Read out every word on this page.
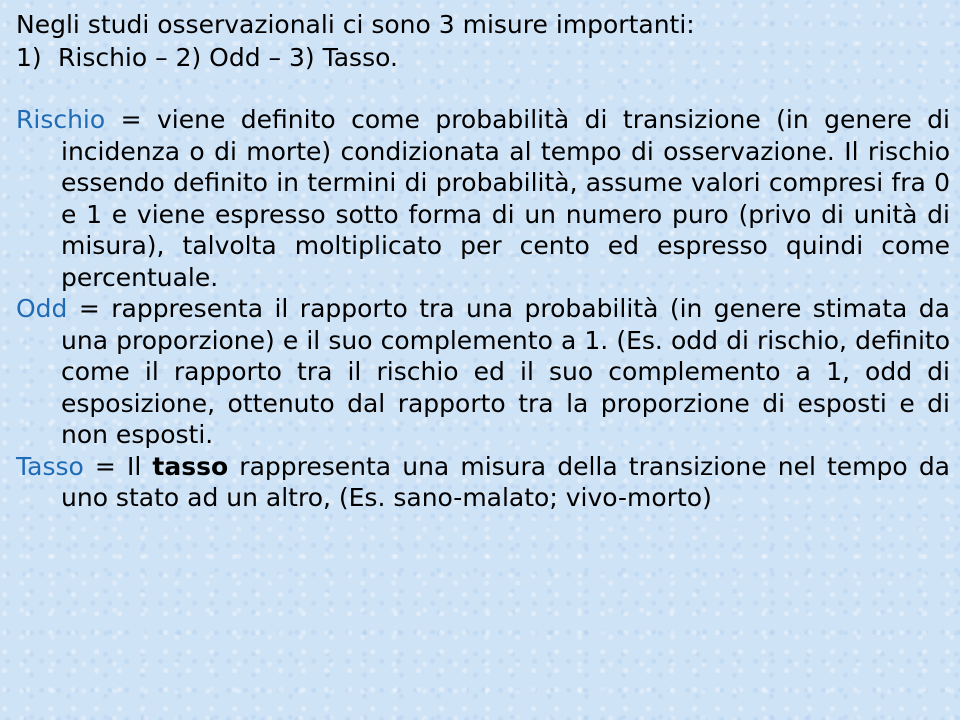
Negli studi osservazionali ci sono 3 misure importanti:
1) Rischio – 2) Odd – 3) Tasso.

Rischio = viene definito come probabilità di transizione (in genere di incidenza o di morte) condizionata al tempo di osservazione. Il rischio essendo definito in termini di probabilità, assume valori compresi fra 0 e 1 e viene espresso sotto forma di un numero puro (privo di unità di misura), talvolta moltiplicato per cento ed espresso quindi come percentuale.

Odd = rappresenta il rapporto tra una probabilità (in genere stimata da una proporzione) e il suo complemento a 1. (Es. odd di rischio, definito come il rapporto tra il rischio ed il suo complemento a 1, odd di esposizione, ottenuto dal rapporto tra la proporzione di esposti e di non esposti.

Tasso = Il tasso rappresenta una misura della transizione nel tempo da uno stato ad un altro, (Es. sano-malato; vivo-morto)
